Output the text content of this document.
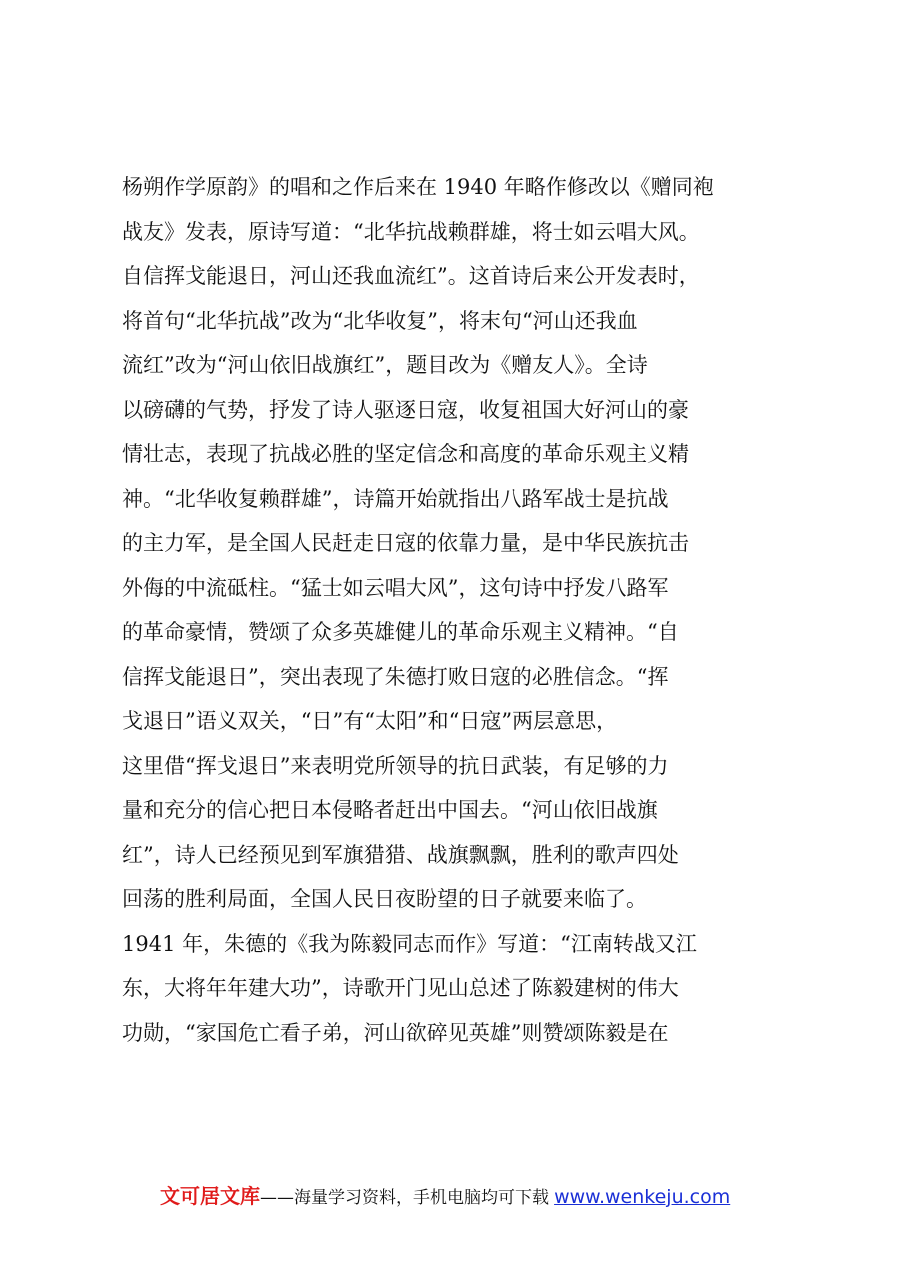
杨朔作学原韵》的唱和之作后来在 1940 年略作修改以《赠同袍
战友》发表，原诗写道：“北华抗战赖群雄，将士如云唱大风。
自信挥戈能退日，河山还我血流红”。这首诗后来公开发表时，
将首句“北华抗战”改为“北华收复”，将末句“河山还我血
流红”改为“河山依旧战旗红”，题目改为《赠友人》。全诗
以磅礴的气势，抒发了诗人驱逐日寇，收复祖国大好河山的豪
情壮志，表现了抗战必胜的坚定信念和高度的革命乐观主义精
神。“北华收复赖群雄”，诗篇开始就指出八路军战士是抗战
的主力军，是全国人民赶走日寇的依靠力量，是中华民族抗击
外侮的中流砥柱。“猛士如云唱大风”，这句诗中抒发八路军
的革命豪情，赞颂了众多英雄健儿的革命乐观主义精神。“自
信挥戈能退日”，突出表现了朱德打败日寇的必胜信念。“挥
戈退日”语义双关，“日”有“太阳”和“日寇”两层意思，
这里借“挥戈退日”来表明党所领导的抗日武装，有足够的力
量和充分的信心把日本侵略者赶出中国去。“河山依旧战旗
红”，诗人已经预见到军旗猎猎、战旗飘飘，胜利的歌声四处
回荡的胜利局面，全国人民日夜盼望的日子就要来临了。
1941 年，朱德的《我为陈毅同志而作》写道：“江南转战又江
东，大将年年建大功”，诗歌开门见山总述了陈毅建树的伟大
功勋，“家国危亡看子弟，河山欲碎见英雄”则赞颂陈毅是在
文可居文库——海量学习资料，手机电脑均可下载 www.wenkeju.com
